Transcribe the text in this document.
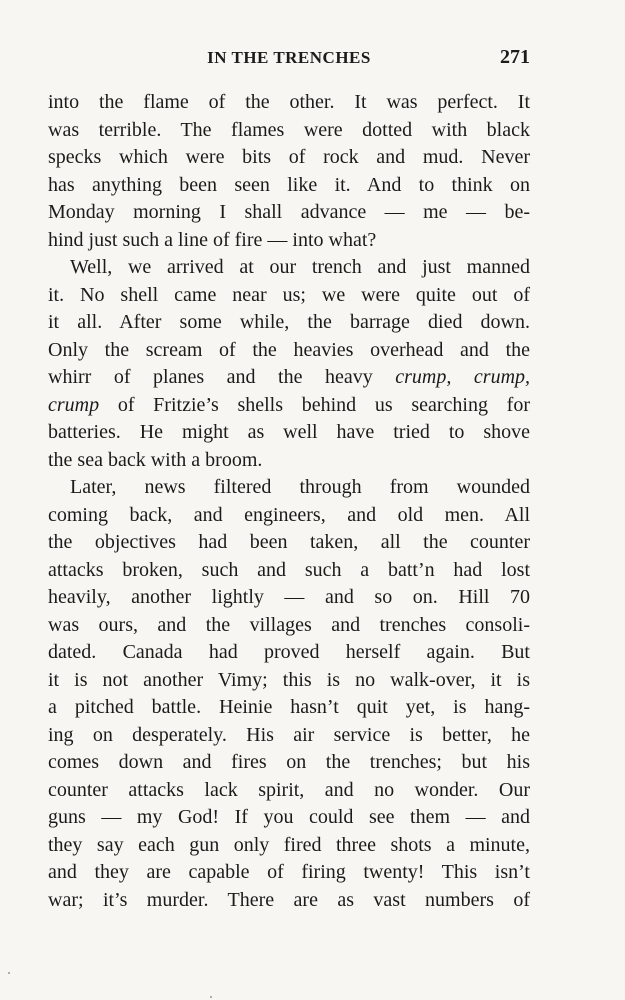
IN THE TRENCHES	271
into the flame of the other. It was perfect. It
was terrible. The flames were dotted with black
specks which were bits of rock and mud. Never
has anything been seen like it. And to think on
Monday morning I shall advance — me — be-
hind just such a line of fire — into what?
Well, we arrived at our trench and just manned
it. No shell came near us; we were quite out of
it all. After some while, the barrage died down.
Only the scream of the heavies overhead and the
whirr of planes and the heavy crump, crump,
crump of Fritzie’s shells behind us searching for
batteries. He might as well have tried to shove
the sea back with a broom.
Later, news filtered through from wounded
coming back, and engineers, and old men. All
the objectives had been taken, all the counter
attacks broken, such and such a batt’n had lost
heavily, another lightly — and so on. Hill 70
was ours, and the villages and trenches consoli-
dated. Canada had proved herself again. But
it is not another Vimy; this is no walk-over, it is
a pitched battle. Heinie hasn’t quit yet, is hang-
ing on desperately. His air service is better, he
comes down and fires on the trenches; but his
counter attacks lack spirit, and no wonder. Our
guns — my God! If you could see them — and
they say each gun only fired three shots a minute,
and they are capable of firing twenty! This isn’t
war; it’s murder. There are as vast numbers of
